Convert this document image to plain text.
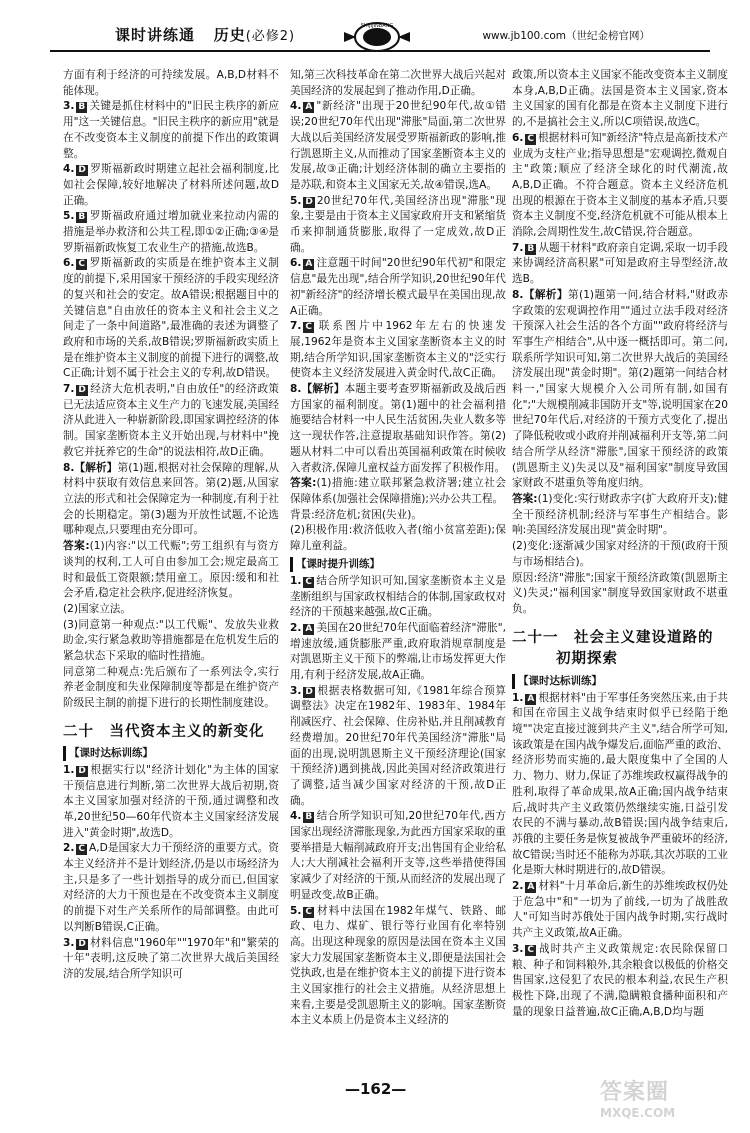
课时讲练通 历史(必修2)
SHIJIJINBANG
www.jb100.com（世纪金榜官网）

方面有利于经济的可持续发展。A,B,D材料不能体现。

3. B 关键是抓住材料中的"旧民主秩序的新应用"这一关键信息。"旧民主秩序的新应用"就是在不改变资本主义制度的前提下作出的政策调整。

4. D 罗斯福新政时期建立起社会福利制度,比如社会保障,较好地解决了材料所述问题,故D正确。

5. B 罗斯福政府通过增加就业来拉动内需的措施是举办救济和公共工程,即①②正确;③④是罗斯福新政恢复工农业生产的措施,故选B。

6. C 罗斯福新政的实质是在维护资本主义制度的前提下,采用国家干预经济的手段实现经济的复兴和社会的安定。故A错误;根据题目中的关键信息"自由放任的资本主义和社会主义之间走了一条中间道路",最准确的表述为调整了政府和市场的关系,故B错误;罗斯福新政实质上是在维护资本主义制度的前提下进行的调整,故C正确;计划不属于社会主义的专利,故D错误。

7. D 经济大危机表明,"自由放任"的经济政策已无法适应资本主义生产力的飞速发展,美国经济从此进入一种崭新阶段,即国家调控经济的体制。国家垄断资本主义开始出现,与材料中"挽救它并抚养它的生命"的说法相符,故D正确。

8.【解析】第(1)题,根据对社会保障的理解,从材料中获取有效信息来回答。第(2)题,从国家立法的形式和社会保障定为一种制度,有利于社会的长期稳定。第(3)题为开放性试题,不论选哪种观点,只要理由充分即可。

答案:(1)内容:"以工代赈";劳工组织有与资方谈判的权利,工人可自由参加工会;规定最高工时和最低工资限额;禁用童工。原因:缓和和社会矛盾,稳定社会秩序,促进经济恢复。

(2)国家立法。

(3)同意第一种观点:"以工代赈"、发放失业救助金,实行紧急救助等措施都是在危机发生后的紧急状态下采取的临时性措施。

同意第二种观点:先后颁布了一系列法令,实行养老金制度和失业保障制度等都是在维护资产阶级民主制的前提下进行的长期性制度建设。

二十　当代资本主义的新变化
【课时达标训练】

1. D 根据实行以"经济计划化"为主体的国家干预信息进行判断,第二次世界大战后初期,资本主义国家加强对经济的干预,通过调整和改革,20世纪50—60年代资本主义国家经济发展进入"黄金时期",故选D。

2. C A,D是国家大力干预经济的重要方式。资本主义经济并不是计划经济,仍是以市场经济为主,只是多了一些计划指导的成分而已,但国家对经济的大力干预也是在不改变资本主义制度的前提下对生产关系所作的局部调整。由此可以判断B错误,C正确。

3. D 材料信息"1960年""1970年"和"繁荣的十年"表明,这反映了第二次世界大战后美国经济的发展,结合所学知识可

知,第三次科技革命在第二次世界大战后兴起对美国经济的发展起到了推动作用,D正确。

4. A "新经济"出现于20世纪90年代,故①错误;20世纪70年代出现"滞胀"局面,第二次世界大战以后美国经济发展受罗斯福新政的影响,推行凯恩斯主义,从而推动了国家垄断资本主义的发展,故③正确;计划经济体制的确立主要指的是苏联,和资本主义国家无关,故④错误,选A。

5. D 20世纪70年代,美国经济出现"滞胀"现象,主要是由于资本主义国家政府开支和紧缩货币来抑制通货膨胀,取得了一定成效,故D正确。

6. A 注意题干时间"20世纪90年代初"和限定信息"最先出现",结合所学知识,20世纪90年代初"新经济"的经济增长模式最早在美国出现,故A正确。

7. C 联系图片中1962年左右的快速发展,1962年是资本主义国家垄断资本主义的时期,结合所学知识,国家垄断资本主义的"泛实行使资本主义经济发展进入黄金时代,故C正确。

8.【解析】本题主要考查罗斯福新政及战后西方国家的福利制度。第(1)题中的社会福利措施要结合材料一中人民生活贫困,失业人数多等这一现状作答,注意提取基础知识作答。第(2)题从材料二中可以看出英国福利政策在时候收入者救济,保障儿童权益方面发挥了积极作用。

答案:(1)措施:建立联邦紧急救济署;建立社会保障体系(加强社会保障措施);兴办公共工程。

背景:经济危机;贫困(失业)。

(2)积极作用:救济低收入者(缩小贫富差距);保障儿童利益。

【课时提升训练】

1. C 结合所学知识可知,国家垄断资本主义是垄断组织与国家政权相结合的体制,国家政权对经济的干预越来越强,故C正确。

2. A 美国在20世纪70年代面临着经济"滞胀",增速放缓,通货膨胀严重,政府取消规章制度是对凯恩斯主义干预下的弊端,让市场发挥更大作用,有利于经济发展,故A正确。

3. D 根据表格数据可知,《1981年综合预算调整法》决定在1982年、1983年、1984年削减医疗、社会保障、住房补贴,并且削减教育经费增加。20世纪70年代美国经济"滞胀"局面的出现,说明凯恩斯主义干预经济理论(国家干预经济)遇到挑战,因此美国对经济政策进行了调整,适当减少国家对经济的干预,故D正确。

4. B 结合所学知识可知,20世纪70年代,西方国家出现经济滞胀现象,为此西方国家采取的重要举措是大幅削减政府开支;出售国有企业给私人;大大削减社会福利开支等,这些举措使得国家减少了对经济的干预,从而经济的发展出现了明显改变,故B正确。

5. C 材料中法国在1982年煤气、铁路、邮政、电力、煤矿、银行等行业国有化率特别高。出现这种现象的原因是法国在资本主义国家大力发展国家垄断资本主义,即便是法国社会党执政,也是在维护资本主义的前提下进行资本主义国家推行的社会主义措施。从经济思想上来看,主要是受凯恩斯主义的影响。国家垄断资本主义本质上仍是资本主义经济的

政策,所以资本主义国家不能改变资本主义制度本身,A,B,D正确。法国是资本主义国家,资本主义国家的国有化都是在资本主义制度下进行的,不是搞社会主义,所以C项错误,故选C。

6. C 根据材料可知"新经济"特点是高新技术产业成为支柱产业;指导思想是"宏观调控,微观自主"政策;顺应了经济全球化的时代潮流,故A,B,D正确。不符合题意。资本主义经济危机出现的根源在于资本主义制度的基本矛盾,只要资本主义制度不变,经济危机就不可能从根本上消除,会周期性发生,故C错误,符合题意。

7. B 从题干材料"政府亲自定调,采取一切手段来协调经济高积累"可知是政府主导型经济,故选B。

8.【解析】第(1)题第一问,结合材料,"财政赤字政策的宏观调控作用""通过立法手段对经济干预深入社会生活的各个方面""政府将经济与军事生产相结合",从中逐一概括即可。第二问,联系所学知识可知,第二次世界大战后的美国经济发展出现"黄金时期"。第(2)题第一问结合材料一,"国家大规模介入公司所有制,如国有化";"大规模削减非国防开支"等,说明国家在20世纪70年代后,对经济的干预方式变化了,提出了降低税收或小政府并削减福利开支等,第二问结合所学从经济"滞胀",国家干预经济的政策(凯恩斯主义)失灵以及"福利国家"制度导致国家财政不堪重负等角度归纳。

答案:(1)变化:实行财政赤字(扩大政府开支);健全干预经济机制;经济与军事生产相结合。影响:美国经济发展出现"黄金时期"。

(2)变化:逐渐减少国家对经济的干预(政府干预与市场相结合)。

原因:经济"滞胀";国家干预经济政策(凯恩斯主义)失灵;"福利国家"制度导致国家财政不堪重负。

二十一　社会主义建设道路的
初期探索
【课时达标训练】

1. A 根据材料"由于军事任务突然压来,由于共和国在帝国主义战争结束时似乎已经陷于绝境""决定直接过渡到共产主义",结合所学可知,该政策是在国内战争爆发后,面临严重的政治、经济形势而实施的,最大限度集中了全国的人力、物力、财力,保证了苏维埃政权赢得战争的胜利,取得了革命成果,故A正确;国内战争结束后,战时共产主义政策仍然继续实施,日益引发农民的不满与暴动,故B错误;国内战争结束后,苏俄的主要任务是恢复被战争严重破坏的经济,故C错误;当时还不能称为苏联,其次苏联的工业化是斯大林时期进行的,故D错误。

2. A 材料"十月革命后,新生的苏维埃政权仍处于危急中"和"一切为了前线,一切为了战胜敌人"可知当时苏俄处于国内战争时期,实行战时共产主义政策,故A正确。

3. C 战时共产主义政策规定:农民除保留口粮、种子和饲料粮外,其余粮食以极低的价格交售国家,这侵犯了农民的根本利益,农民生产积极性下降,出现了不满,隐瞒粮食播种面积和产量的现象日益普遍,故C正确,A,B,D均与题

—162—	答案圈
MXQE.COM
